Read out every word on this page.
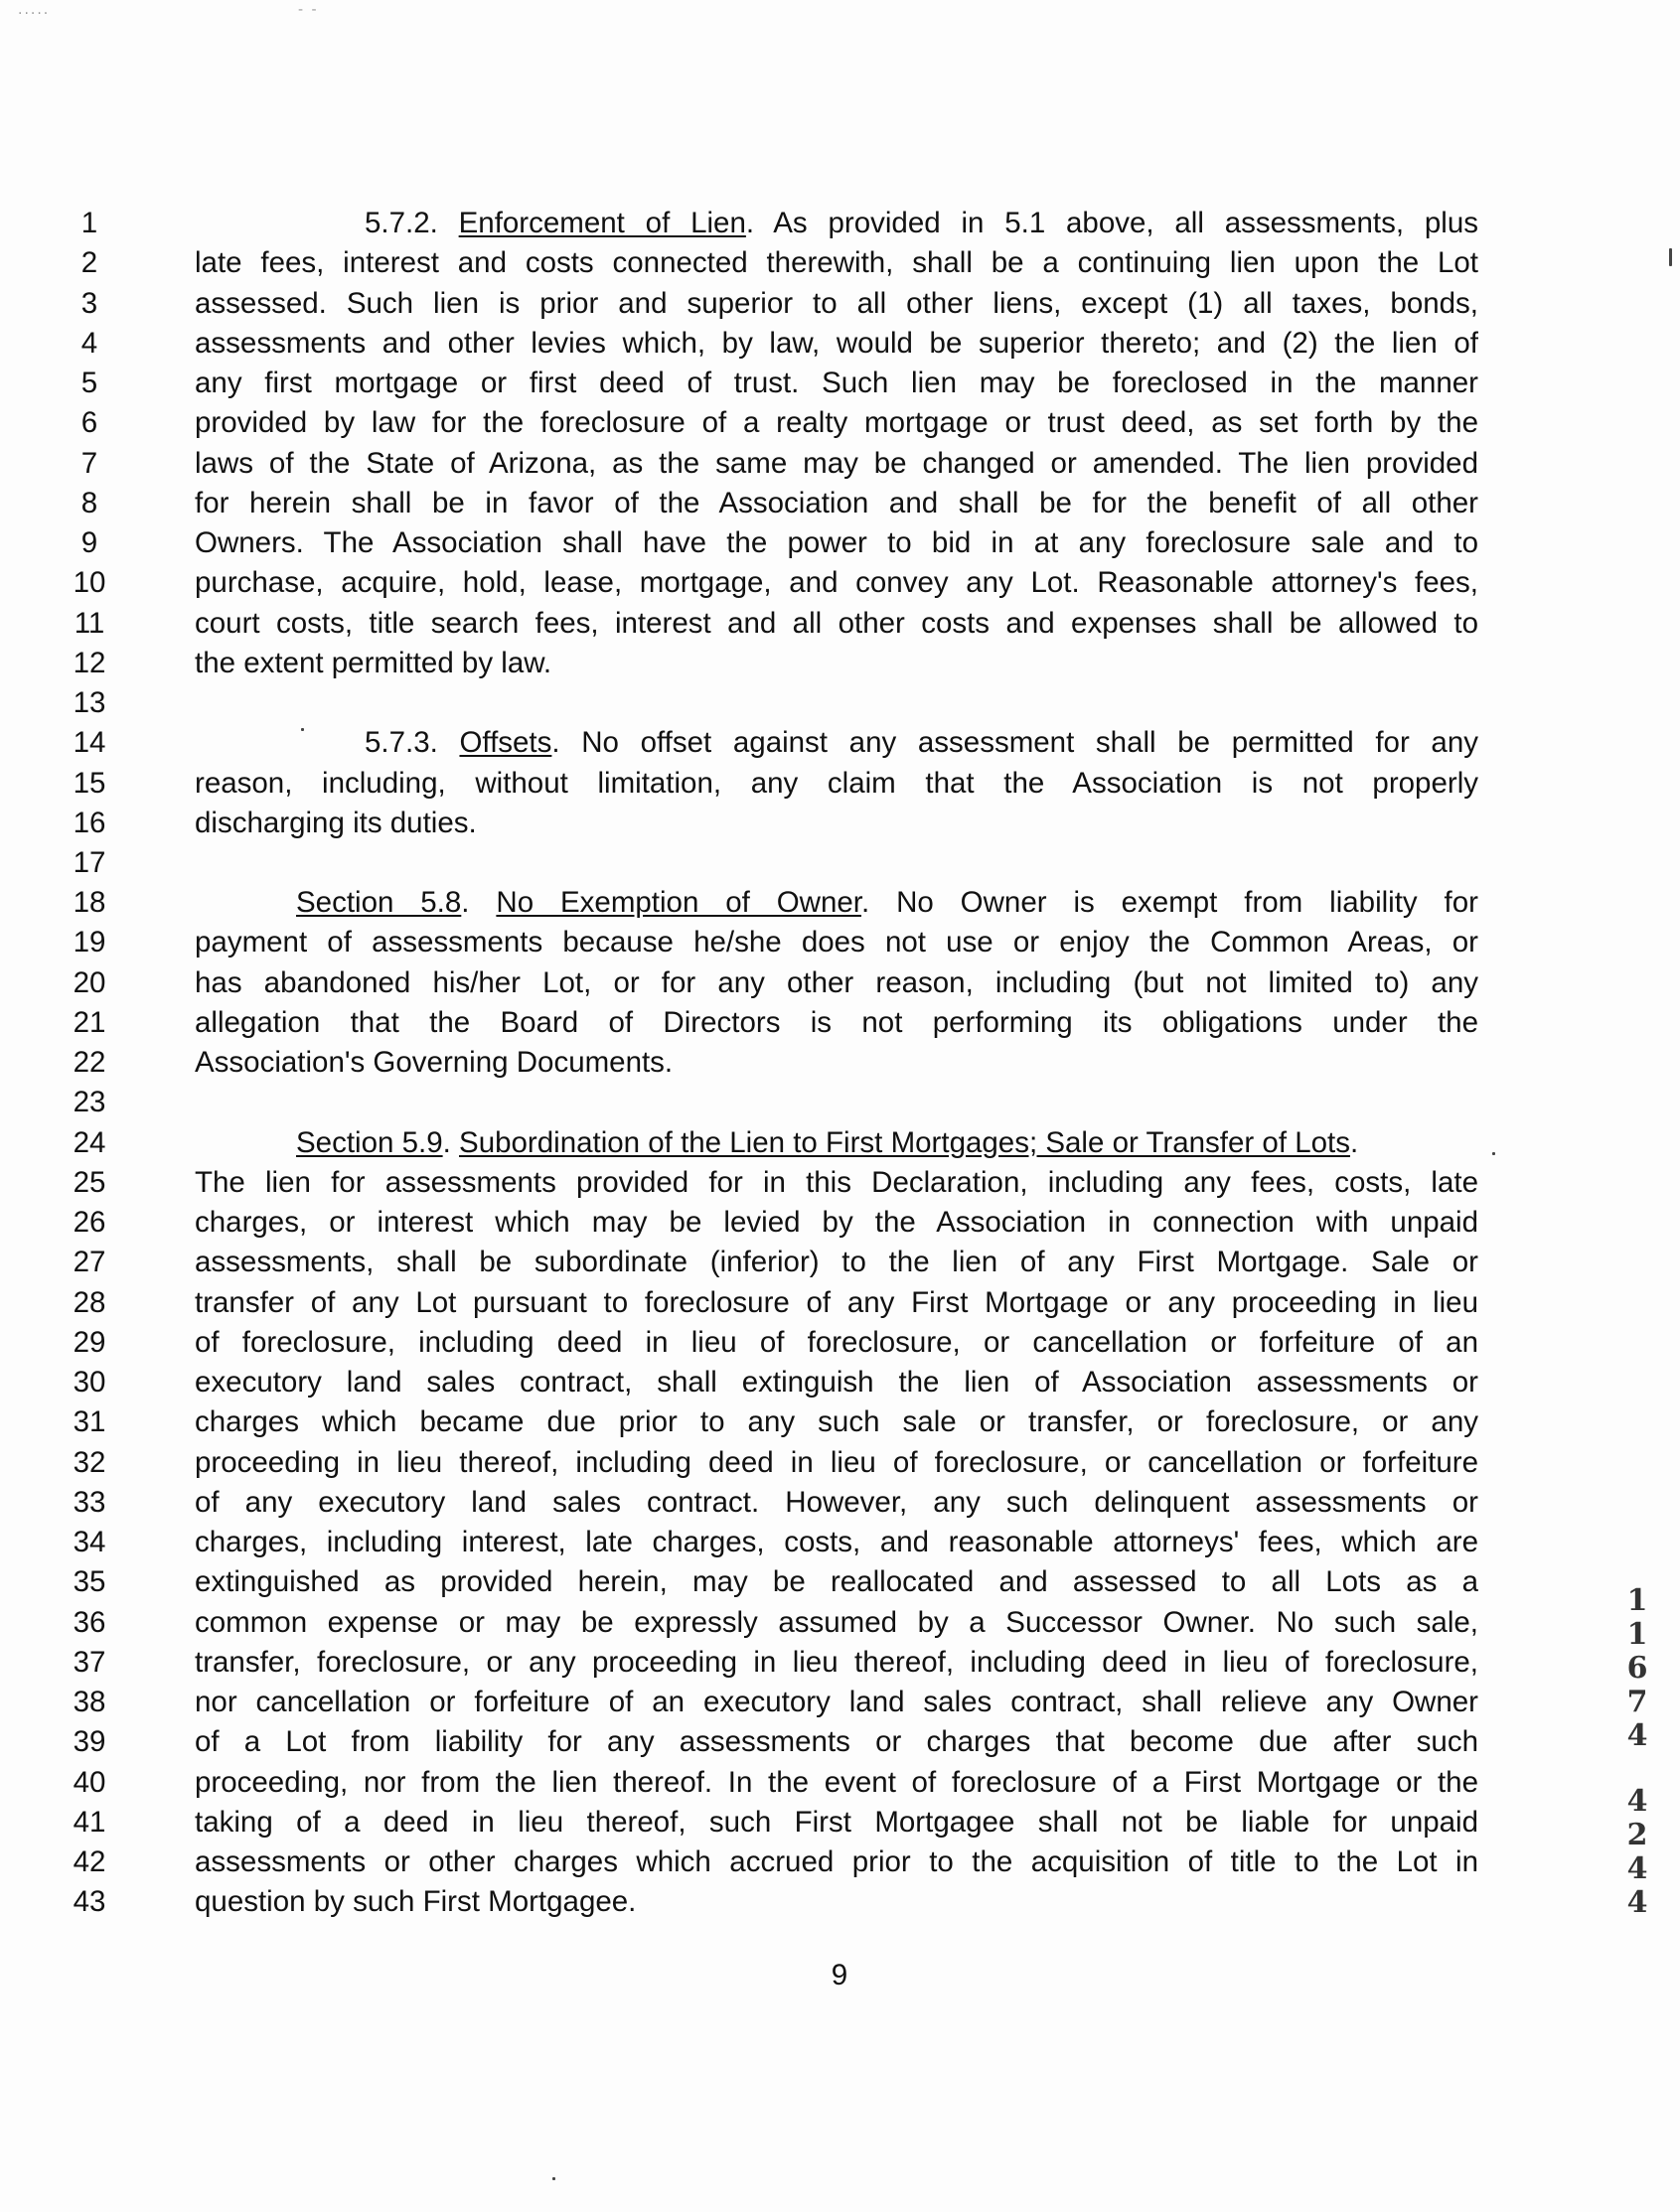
.....	- -
1	5.7.2. Enforcement of Lien. As provided in 5.1 above, all assessments, plus
2	late fees, interest and costs connected therewith, shall be a continuing lien upon the Lot
3	assessed. Such lien is prior and superior to all other liens, except (1) all taxes, bonds,
4	assessments and other levies which, by law, would be superior thereto; and (2) the lien of
5	any first mortgage or first deed of trust. Such lien may be foreclosed in the manner
6	provided by law for the foreclosure of a realty mortgage or trust deed, as set forth by the
7	laws of the State of Arizona, as the same may be changed or amended. The lien provided
8	for herein shall be in favor of the Association and shall be for the benefit of all other
9	Owners. The Association shall have the power to bid in at any foreclosure sale and to
10	purchase, acquire, hold, lease, mortgage, and convey any Lot. Reasonable attorney's fees,
11	court costs, title search fees, interest and all other costs and expenses shall be allowed to
12	the extent permitted by law.
13
14	5.7.3. Offsets. No offset against any assessment shall be permitted for any
15	reason, including, without limitation, any claim that the Association is not properly
16	discharging its duties.
17
18	Section 5.8. No Exemption of Owner. No Owner is exempt from liability for
19	payment of assessments because he/she does not use or enjoy the Common Areas, or
20	has abandoned his/her Lot, or for any other reason, including (but not limited to) any
21	allegation that the Board of Directors is not performing its obligations under the
22	Association's Governing Documents.
23
24	Section 5.9. Subordination of the Lien to First Mortgages; Sale or Transfer of Lots.
25	The lien for assessments provided for in this Declaration, including any fees, costs, late
26	charges, or interest which may be levied by the Association in connection with unpaid
27	assessments, shall be subordinate (inferior) to the lien of any First Mortgage. Sale or
28	transfer of any Lot pursuant to foreclosure of any First Mortgage or any proceeding in lieu
29	of foreclosure, including deed in lieu of foreclosure, or cancellation or forfeiture of an
30	executory land sales contract, shall extinguish the lien of Association assessments or
31	charges which became due prior to any such sale or transfer, or foreclosure, or any
32	proceeding in lieu thereof, including deed in lieu of foreclosure, or cancellation or forfeiture
33	of any executory land sales contract. However, any such delinquent assessments or
34	charges, including interest, late charges, costs, and reasonable attorneys' fees, which are
35	extinguished as provided herein, may be reallocated and assessed to all Lots as a
36	common expense or may be expressly assumed by a Successor Owner. No such sale,
37	transfer, foreclosure, or any proceeding in lieu thereof, including deed in lieu of foreclosure,
38	nor cancellation or forfeiture of an executory land sales contract, shall relieve any Owner
39	of a Lot from liability for any assessments or charges that become due after such
40	proceeding, nor from the lien thereof. In the event of foreclosure of a First Mortgage or the
41	taking of a deed in lieu thereof, such First Mortgagee shall not be liable for unpaid
42	assessments or other charges which accrued prior to the acquisition of title to the Lot in
43	question by such First Mortgagee.
9
1
1
6
7
4
4
2
4
4
